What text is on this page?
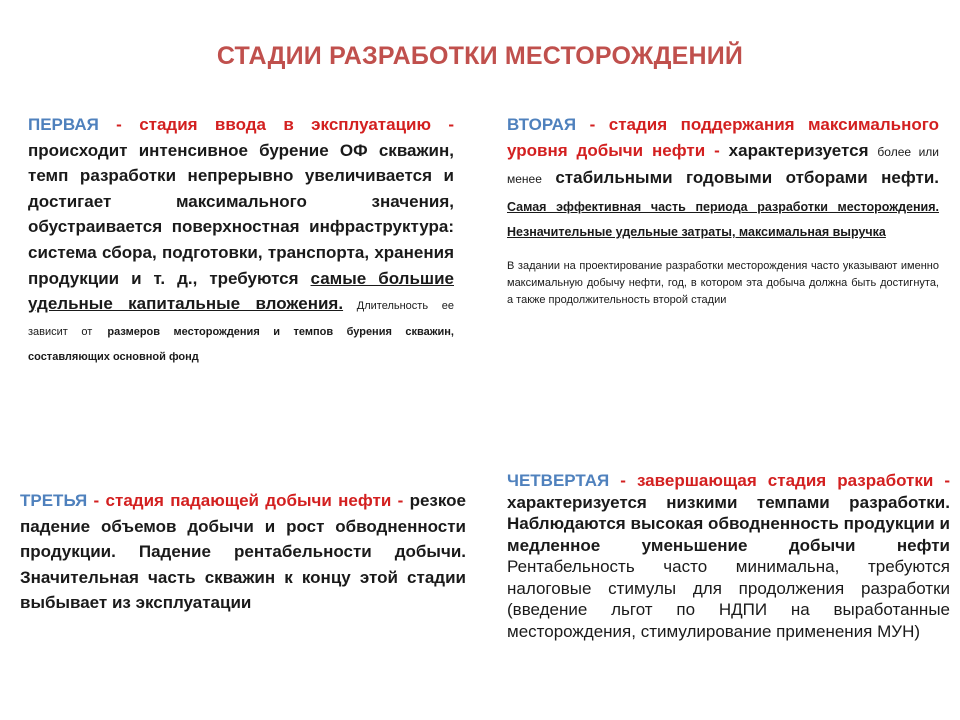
СТАДИИ РАЗРАБОТКИ МЕСТОРОЖДЕНИЙ
ПЕРВАЯ - стадия ввода в эксплуатацию - происходит интенсивное бурение ОФ скважин, темп разработки непрерывно увеличивается и достигает максимального значения, обустраивается поверхностная инфраструктура: система сбора, подготовки, транспорта, хранения продукции и т. д., требуются самые большие удельные капитальные вложения. Длительность ее зависит от размеров месторождения и темпов бурения скважин, составляющих основной фонд
ВТОРАЯ - стадия поддержания максимального уровня добычи нефти - характеризуется более или менее стабильными годовыми отборами нефти. Самая эффективная часть периода разработки месторождения. Незначительные удельные затраты, максимальная выручка
В задании на проектирование разработки месторождения часто указывают именно максимальную добычу нефти, год, в котором эта добыча должна быть достигнута, а также продолжительность второй стадии
ТРЕТЬЯ - стадия падающей добычи нефти - резкое падение объемов добычи и рост обводненности продукции. Падение рентабельности добычи. Значительная часть скважин к концу этой стадии выбывает из эксплуатации
ЧЕТВЕРТАЯ - завершающая стадия разработки - характеризуется низкими темпами разработки. Наблюдаются высокая обводненность продукции и медленное уменьшение добычи нефти Рентабельность часто минимальна, требуются налоговые стимулы для продолжения разработки (введение льгот по НДПИ на выработанные месторождения, стимулирование применения МУН)
